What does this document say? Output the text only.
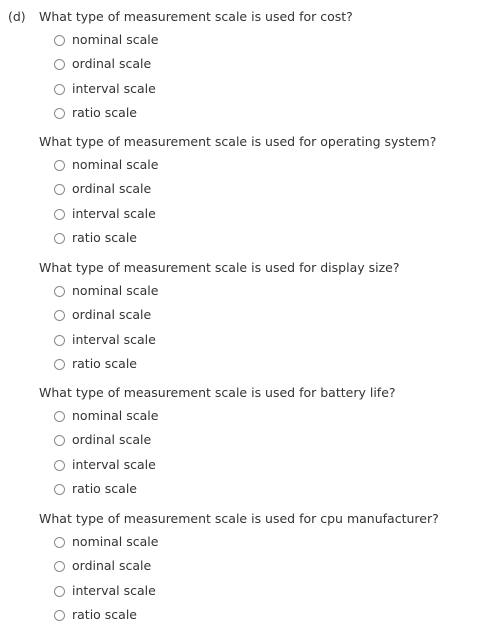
(d) What type of measurement scale is used for cost?
nominal scale
ordinal scale
interval scale
ratio scale
What type of measurement scale is used for operating system?
nominal scale
ordinal scale
interval scale
ratio scale
What type of measurement scale is used for display size?
nominal scale
ordinal scale
interval scale
ratio scale
What type of measurement scale is used for battery life?
nominal scale
ordinal scale
interval scale
ratio scale
What type of measurement scale is used for cpu manufacturer?
nominal scale
ordinal scale
interval scale
ratio scale
